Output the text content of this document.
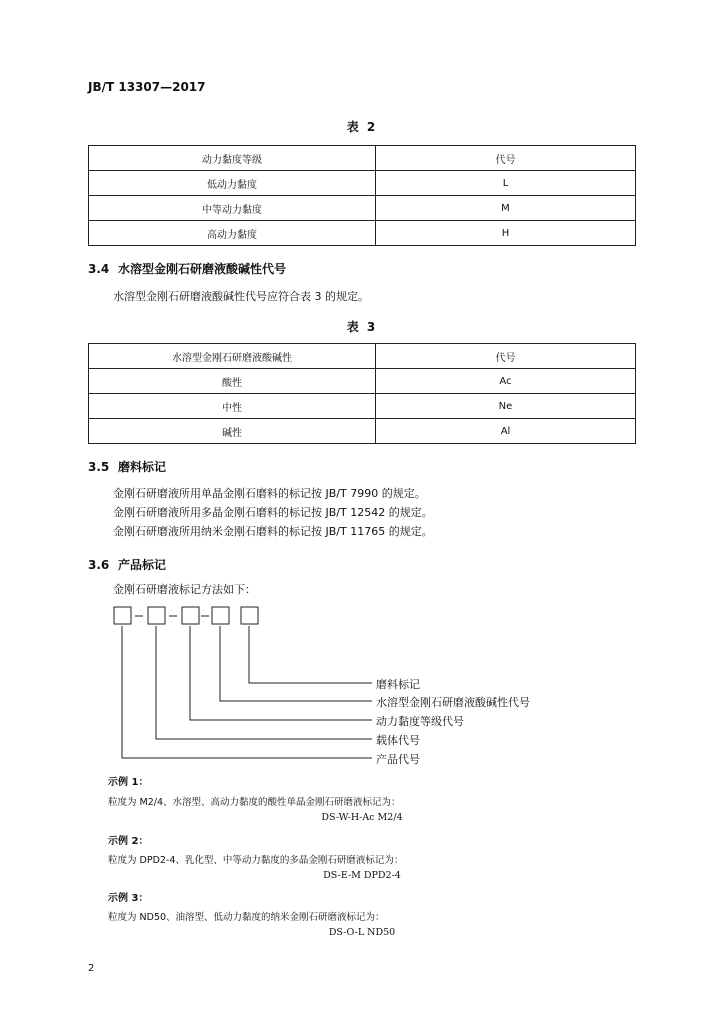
JB/T 13307—2017
表 2
动力黏度等级	代号
低动力黏度	L
中等动力黏度	M
高动力黏度	H
3.4 水溶型金刚石研磨液酸碱性代号
水溶型金刚石研磨液酸碱性代号应符合表 3 的规定。
表 3
水溶型金刚石研磨液酸碱性	代号
酸性	Ac
中性	Ne
碱性	Al
3.5 磨料标记
金刚石研磨液所用单晶金刚石磨料的标记按 JB/T 7990 的规定。
金刚石研磨液所用多晶金刚石磨料的标记按 JB/T 12542 的规定。
金刚石研磨液所用纳米金刚石磨料的标记按 JB/T 11765 的规定。
3.6 产品标记
金刚石研磨液标记方法如下：
磨料标记
水溶型金刚石研磨液酸碱性代号
动力黏度等级代号
载体代号
产品代号
示例 1：
粒度为 M2/4、水溶型、高动力黏度的酸性单晶金刚石研磨液标记为：
DS-W-H-Ac M2/4
示例 2：
粒度为 DPD2-4、乳化型、中等动力黏度的多晶金刚石研磨液标记为：
DS-E-M DPD2-4
示例 3：
粒度为 ND50、油溶型、低动力黏度的纳米金刚石研磨液标记为：
DS-O-L ND50
2
